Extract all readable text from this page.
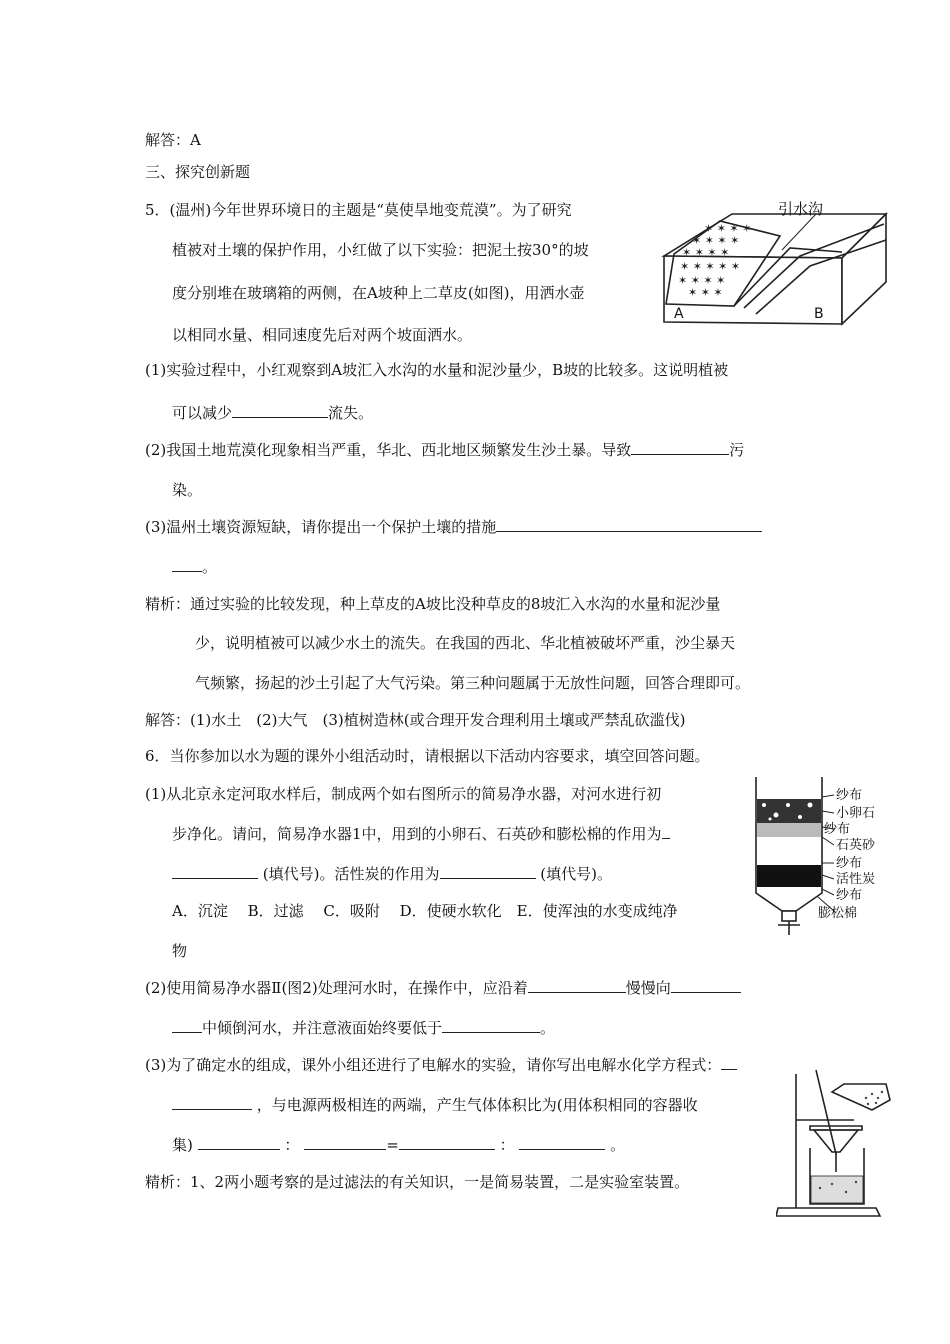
解答：A
三、探究创新题
5．(温州)今年世界环境日的主题是“莫使旱地变荒漠”。为了研究
植被对土壤的保护作用，小红做了以下实验：把泥土按30°的坡
度分别堆在玻璃箱的两侧，在A坡种上二草皮(如图)，用洒水壶
以相同水量、相同速度先后对两个坡面洒水。
(1)实验过程中，小红观察到A坡汇入水沟的水量和泥沙量少，B坡的比较多。这说明植被
可以减少	流失。
(2)我国土地荒漠化现象相当严重，华北、西北地区频繁发生沙土暴。导致	污
染。
(3)温州土壤资源短缺，请你提出一个保护土壤的措施
。
精析：通过实验的比较发现，种上草皮的A坡比没种草皮的8坡汇入水沟的水量和泥沙量
少，说明植被可以减少水土的流失。在我国的西北、华北植被破坏严重，沙尘暴天
气频繁，扬起的沙土引起了大气污染。第三种问题属于无放性问题，回答合理即可。
解答：(1)水土　(2)大气　(3)植树造林(或合理开发合理利用土壤或严禁乱砍滥伐)
6．当你参加以水为题的课外小组活动时，请根据以下活动内容要求，填空回答问题。
(1)从北京永定河取水样后，制成两个如右图所示的简易净水器，对河水进行初
步净化。请问，简易净水器1中，用到的小卵石、石英砂和膨松棉的作用为
(填代号)。活性炭的作用为	(填代号)。
A．沉淀　 B．过滤　 C．吸附　 D．使硬水软化　E．使浑浊的水变成纯净
物
(2)使用简易净水器Ⅱ(图2)处理河水时，在操作中，应沿着	慢慢向
中倾倒河水，并注意液面始终要低于	。
(3)为了确定水的组成，课外小组还进行了电解水的实验，请你写出电解水化学方程式：
，与电源两极相连的两端，产生气体体积比为(用体积相同的容器收
集)	：	=	：	。
精析：1、2两小题考察的是过滤法的有关知识，一是简易装置，二是实验室装置。
✶ ✶ ✶ ✶
✶ ✶ ✶ ✶
✶ ✶ ✶ ✶
✶ ✶ ✶ ✶ ✶
✶ ✶ ✶ ✶
✶ ✶ ✶
引水沟
A	B
纱布
小卵石
纱布
石英砂
纱布
活性炭
纱布
膨松棉
